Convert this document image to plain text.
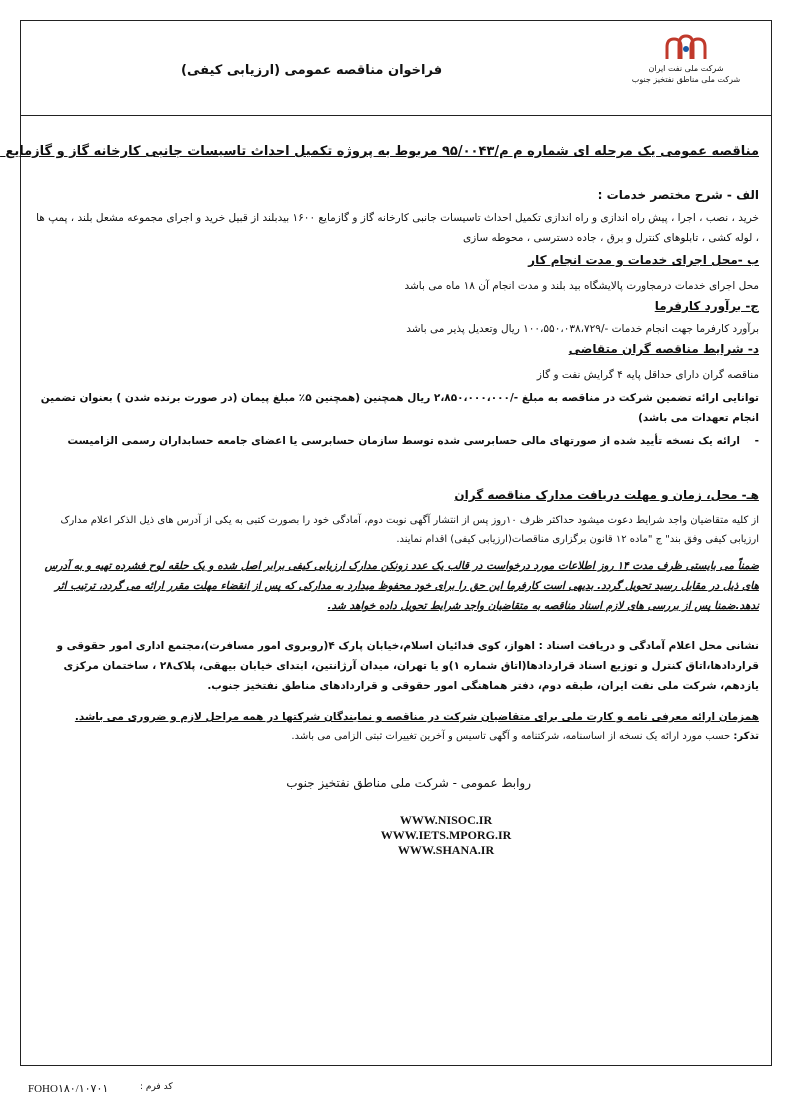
فراخوان مناقصه عمومی (ارزیابی کیفی)	شرکت ملی نفت ایران
شرکت ملی مناطق نفتخیز جنوب
مناقصه عمومی یک مرحله ای شماره م م/۹۵/۰۰۴۳ مربوط به پروژه تکمیل احداث تاسیسات جانبی کارخانه گاز و گازمایع
الف - شرح مختصر خدمات :
خرید ، نصب ، اجرا ، پیش راه اندازی و راه اندازی تکمیل احداث تاسیسات جانبی کارخانه گاز و گازمایع ۱۶۰۰ بیدبلند از قبیل خرید و اجرای مجموعه مشعل بلند ، پمپ ها ، لوله کشی ، تابلوهای کنترل و برق ، جاده دسترسی ، محوطه سازی
ب -محل اجرای خدمات و مدت انجام کار
محل اجرای خدمات درمجاورت پالایشگاه بید بلند و مدت انجام آن ۱۸ ماه می باشد
ج- برآورد کارفرما
برآورد کارفرما جهت انجام خدمات -/۱۰۰،۵۵۰،۰۳۸،۷۲۹ ریال وتعدیل پذیر می باشد
د- شرایط مناقصه گران متقاضی
مناقصه گران دارای حداقل پایه ۴ گرایش نفت و گاز
توانایی ارائه تضمین شرکت در مناقصه به مبلغ -/۲،۸۵۰،۰۰۰،۰۰۰ ریال همچنین (همچنین ۵٪ مبلغ پیمان (در صورت برنده شدن ) بعنوان تضمین انجام تعهدات می باشد)
-    ارائه یک نسخه تأیید شده از صورتهای مالی حسابرسی شده توسط سازمان حسابرسی یا اعضای جامعه حسابداران رسمی الزامیست
هـ- محل، زمان و مهلت دریافت مدارک مناقصه گران
از کلیه متقاضیان واجد شرایط دعوت میشود حداکثر ظرف ۱۰روز پس از انتشار آگهی نوبت دوم، آمادگی خود را بصورت کتبی به یکی از آدرس های ذیل الذکر اعلام مدارک ارزیابی کیفی وفق بند" ج "ماده ۱۲ قانون برگزاری مناقصات(ارزیابی کیفی) اقدام نمایند.
ضمناً می بایستی ظرف مدت ۱۴ روز اطلاعات مورد درخواست در قالب یک عدد زونکن مدارک ارزیابی کیفی برابر اصل شده و یک حلقه لوح فشرده تهیه و به آدرس های ذیل در مقابل رسید تحویل گردد. بدیهی است کارفرما این حق را برای خود محفوظ میدارد به مدارکی که پس از انقضاء مهلت مقرر ارائه می گردد، ترتیب اثر ندهد.ضمنا پس از بررسی های لازم اسناد مناقصه به متقاضیان واجد شرایط تحویل داده خواهد شد.
نشانی محل اعلام آمادگی و دریافت اسناد : اهواز، کوی فدائیان اسلام،خیابان پارک ۴(روبروی امور مسافرت)،مجتمع اداری امور حقوقی و قراردادها،اتاق کنترل و توزیع اسناد قراردادها(اتاق شماره ۱)و یا تهران، میدان آرژانتین، ابتدای خیابان بیهقی، پلاک۲۸ ، ساختمان مرکزی یازدهم، شرکت ملی نفت ایران، طبقه دوم، دفتر هماهنگی امور حقوقی و قراردادهای مناطق نفتخیز جنوب.
همزمان ارائه معرفی نامه و کارت ملی برای متقاضیان شرکت در مناقصه و نمایندگان شرکتها در همه مراحل لازم و ضروری می باشد.
تذکر: حسب مورد ارائه یک نسخه از اساسنامه، شرکتنامه و آگهی تاسیس و آخرین تغییرات ثبتی الزامی می باشد.
روابط عمومی - شرکت ملی مناطق نفتخیز جنوب
WWW.NISOC.IR
WWW.IETS.MPORG.IR
WWW.SHANA.IR
کد فرم :
FOHO۱۸۰/۱۰۷۰۱
